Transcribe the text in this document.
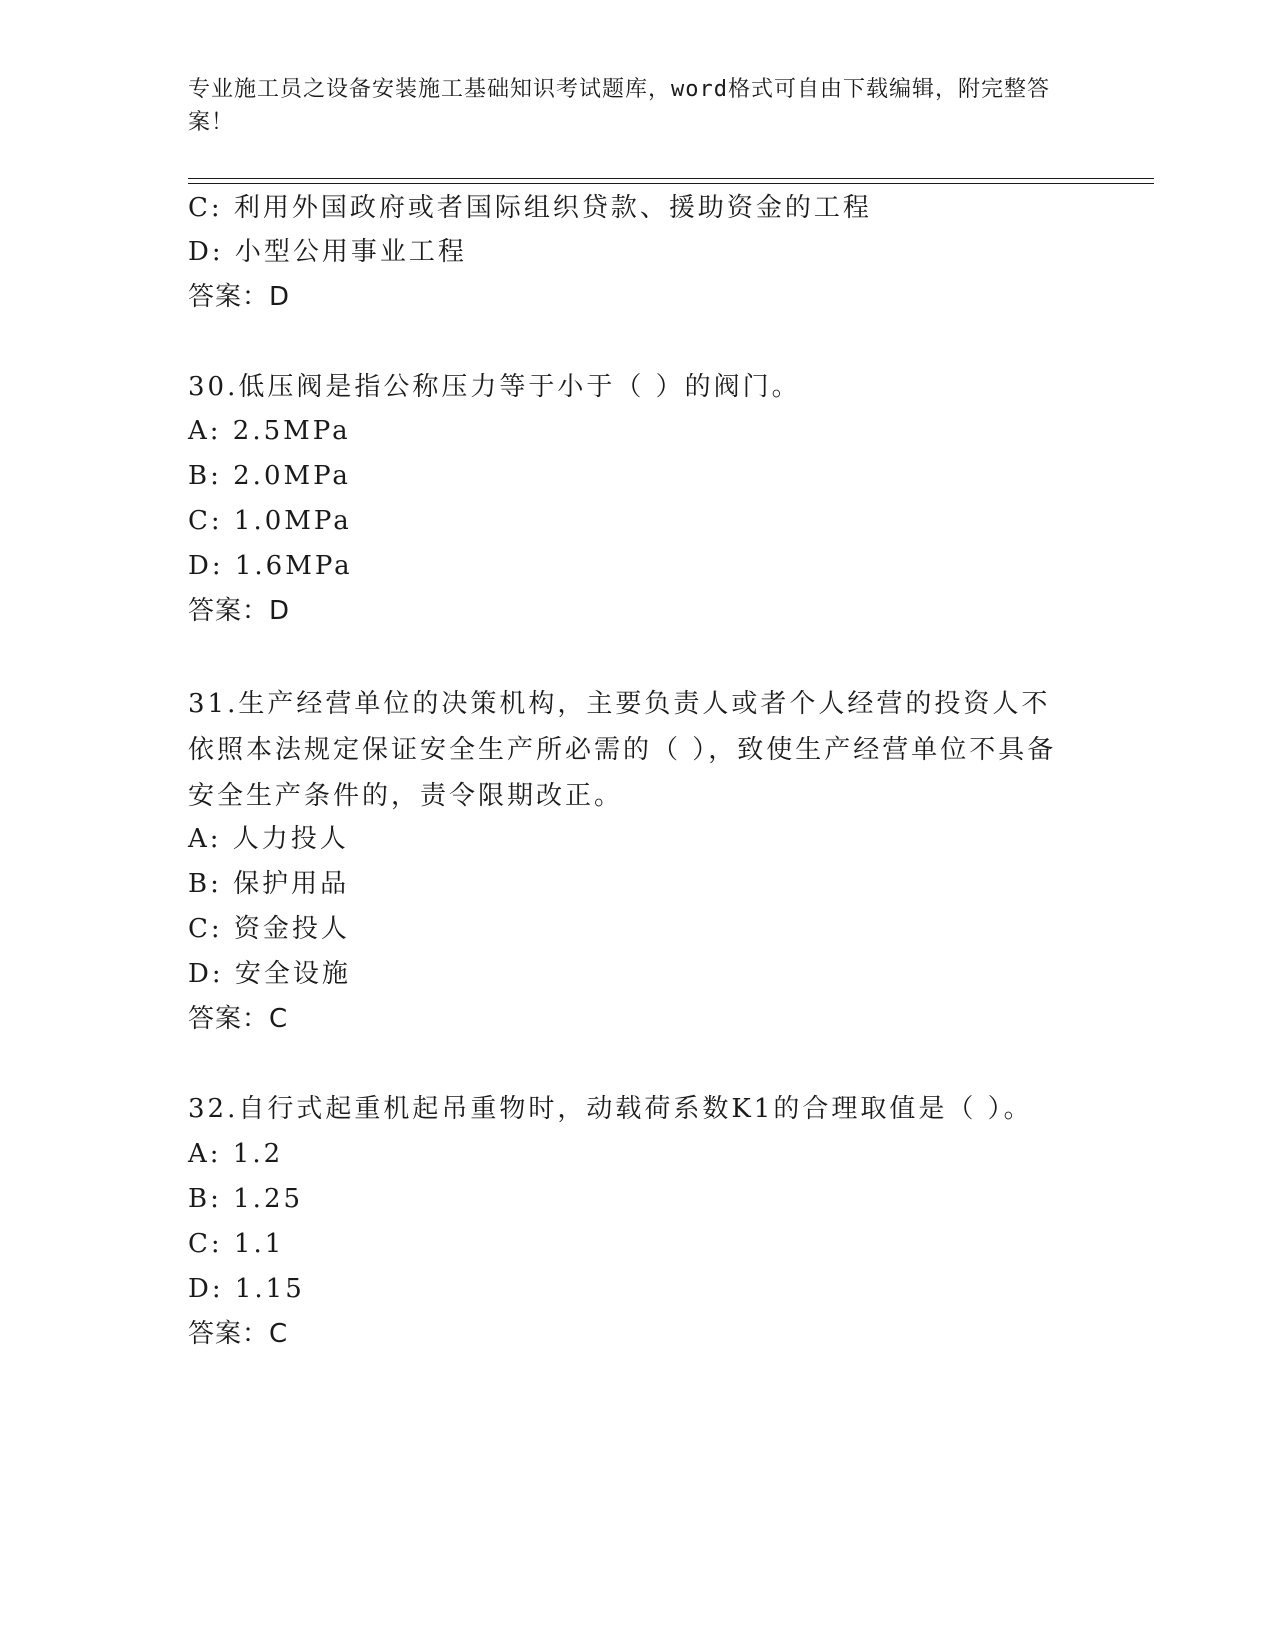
专业施工员之设备安装施工基础知识考试题库，word格式可自由下载编辑，附完整答案！
C: 利用外国政府或者国际组织贷款、援助资金的工程
D: 小型公用事业工程
答案：D
30.低压阀是指公称压力等于小于（ ）的阀门。
A: 2.5MPa
B: 2.0MPa
C: 1.0MPa
D: 1.6MPa
答案：D
31.生产经营单位的决策机构，主要负责人或者个人经营的投资人不依照本法规定保证安全生产所必需的（ ），致使生产经营单位不具备安全生产条件的，责令限期改正。
A: 人力投人
B: 保护用品
C: 资金投人
D: 安全设施
答案：C
32.自行式起重机起吊重物时，动载荷系数K1的合理取值是（ ）。
A: 1.2
B: 1.25
C: 1.1
D: 1.15
答案：C
